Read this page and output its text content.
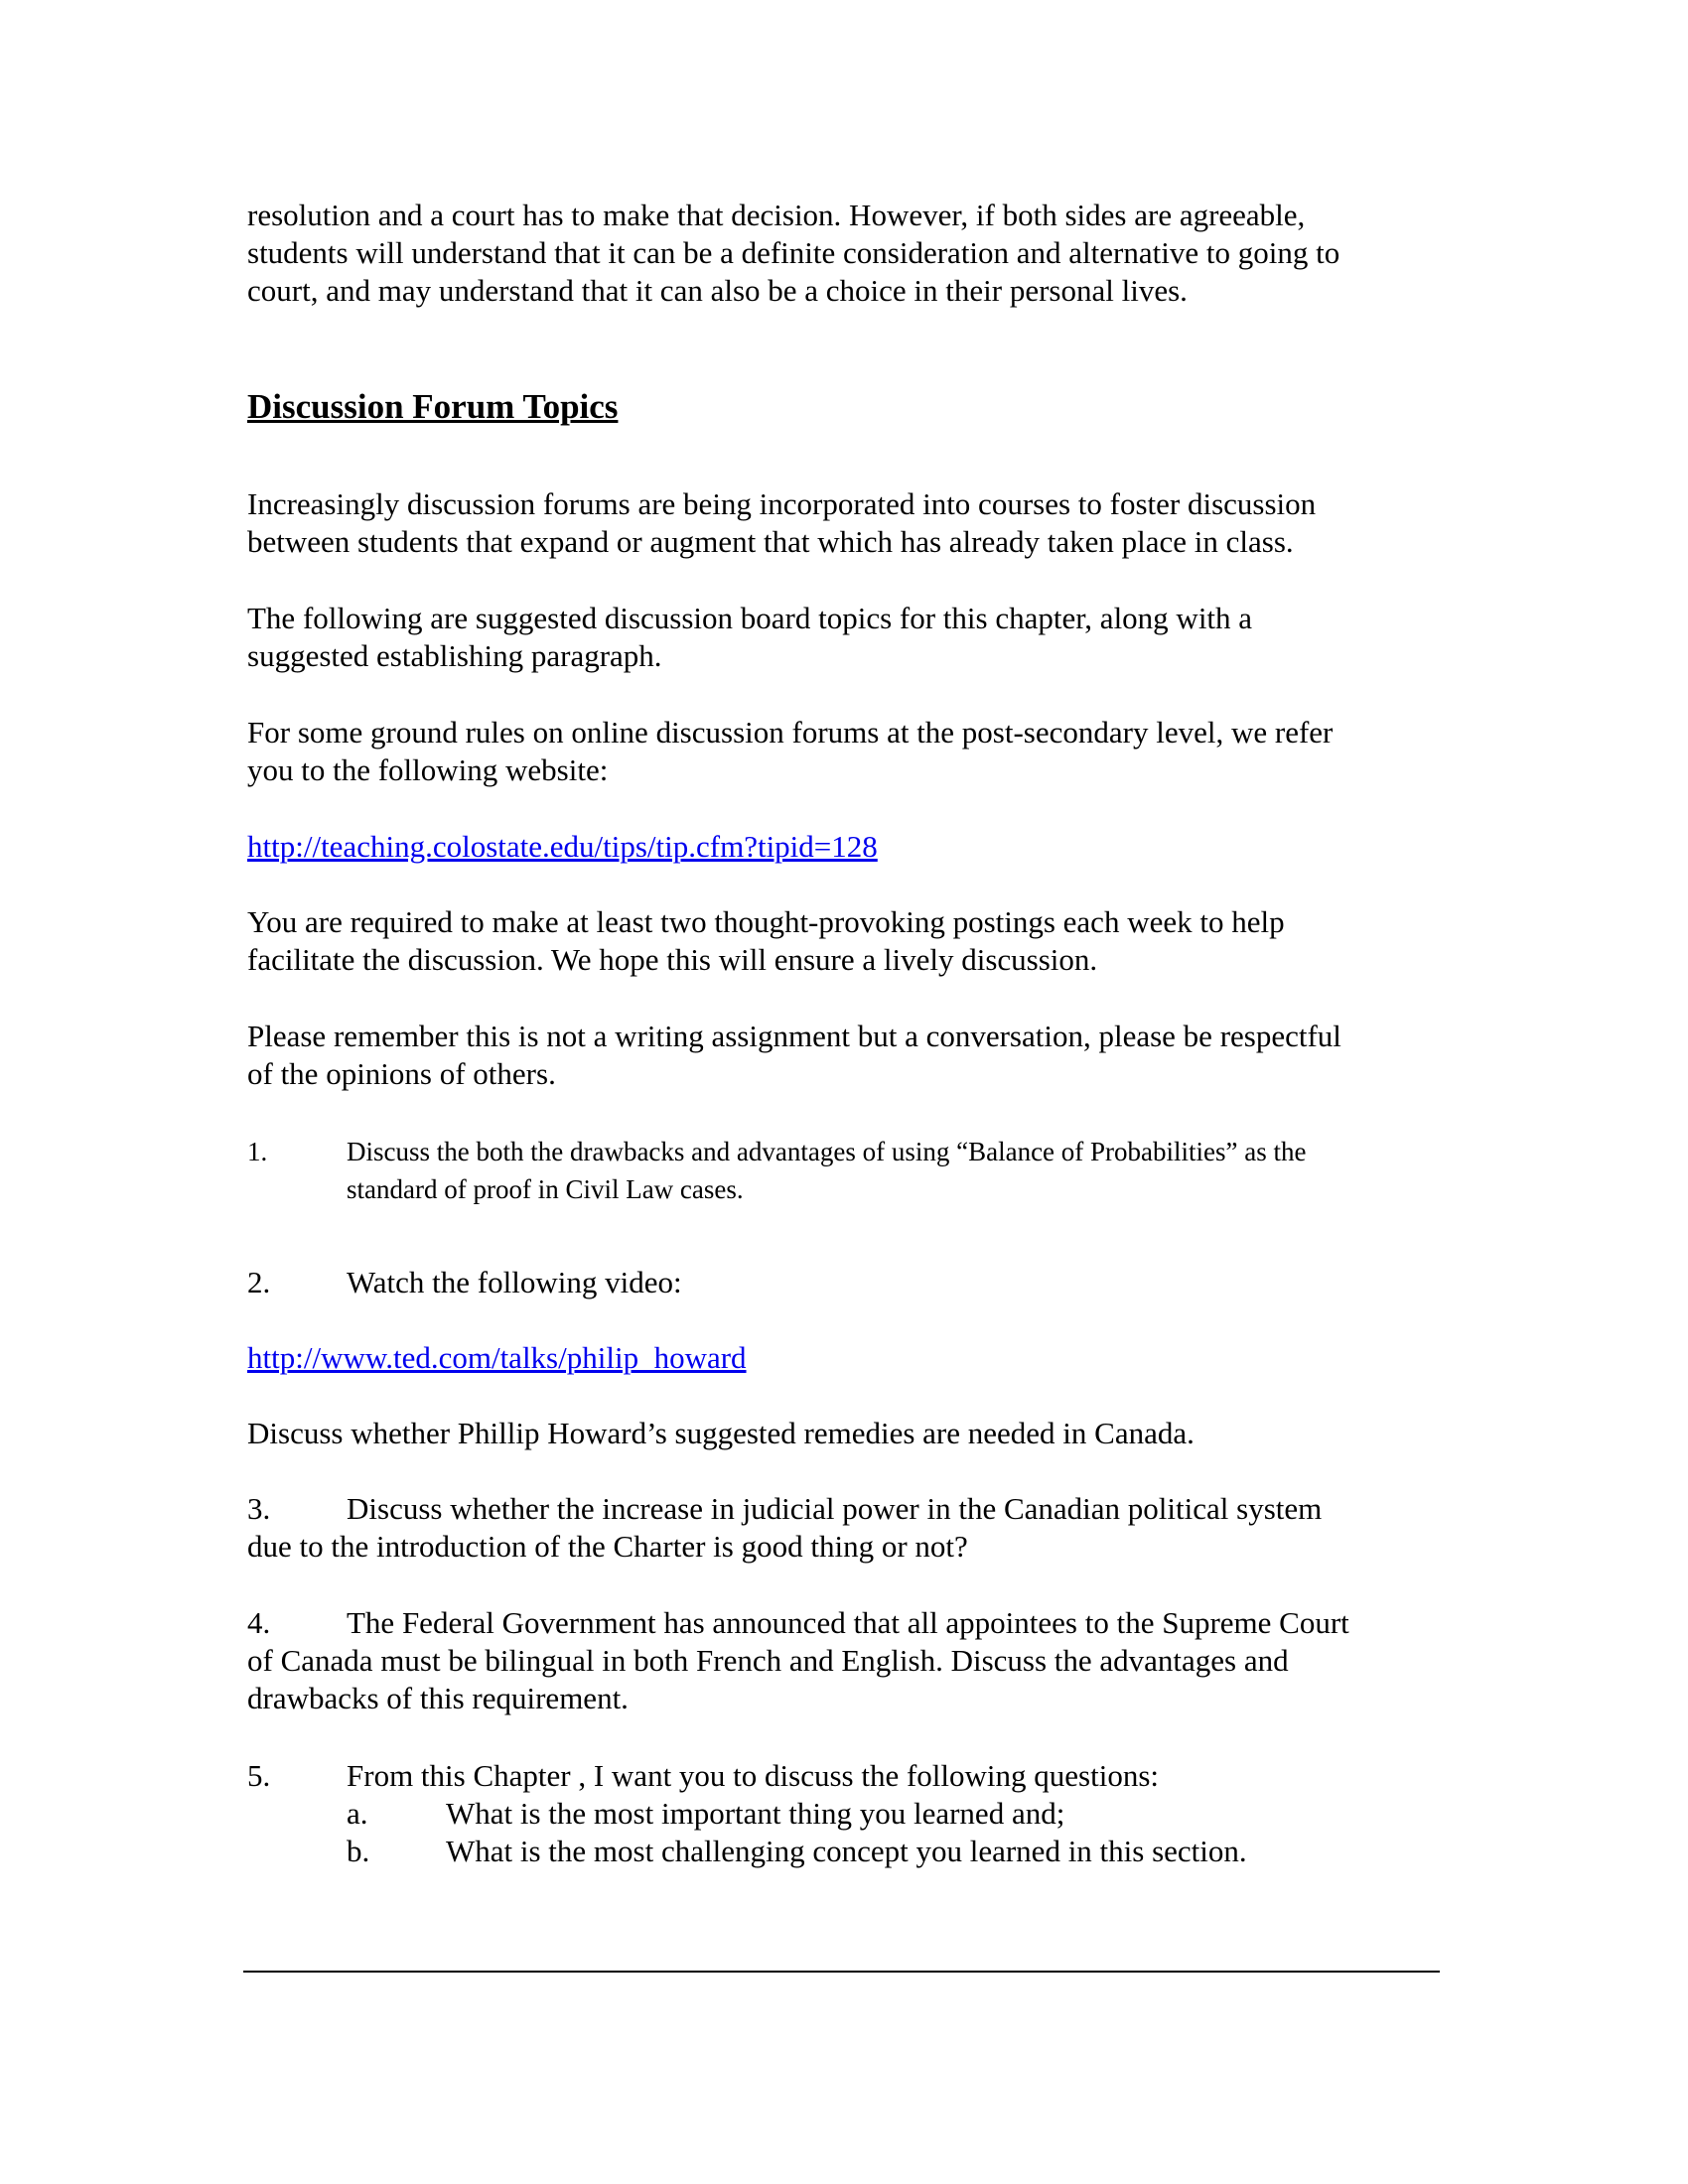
resolution and a court has to make that decision. However, if both sides are agreeable,
students will understand that it can be a definite consideration and alternative to going to
court, and may understand that it can also be a choice in their personal lives.

Discussion Forum Topics

Increasingly discussion forums are being incorporated into courses to foster discussion
between students that expand or augment that which has already taken place in class.

The following are suggested discussion board topics for this chapter, along with a
suggested establishing paragraph.

For some ground rules on online discussion forums at the post-secondary level, we refer
you to the following website:

http://teaching.colostate.edu/tips/tip.cfm?tipid=128

You are required to make at least two thought-provoking postings each week to help
facilitate the discussion. We hope this will ensure a lively discussion.

Please remember this is not a writing assignment but a conversation, please be respectful
of the opinions of others.

1.	Discuss the both the drawbacks and advantages of using “Balance of Probabilities” as the
standard of proof in Civil Law cases.
2. Watch the following video:

http://www.ted.com/talks/philip_howard

Discuss whether Phillip Howard’s suggested remedies are needed in Canada.

3. Discuss whether the increase in judicial power in the Canadian political system
due to the introduction of the Charter is good thing or not?
4. The Federal Government has announced that all appointees to the Supreme Court
of Canada must be bilingual in both French and English. Discuss the advantages and
drawbacks of this requirement.
5. From this Chapter , I want you to discuss the following questions:
a.	What is the most important thing you learned and;
b. What is the most challenging concept you learned in this section.
